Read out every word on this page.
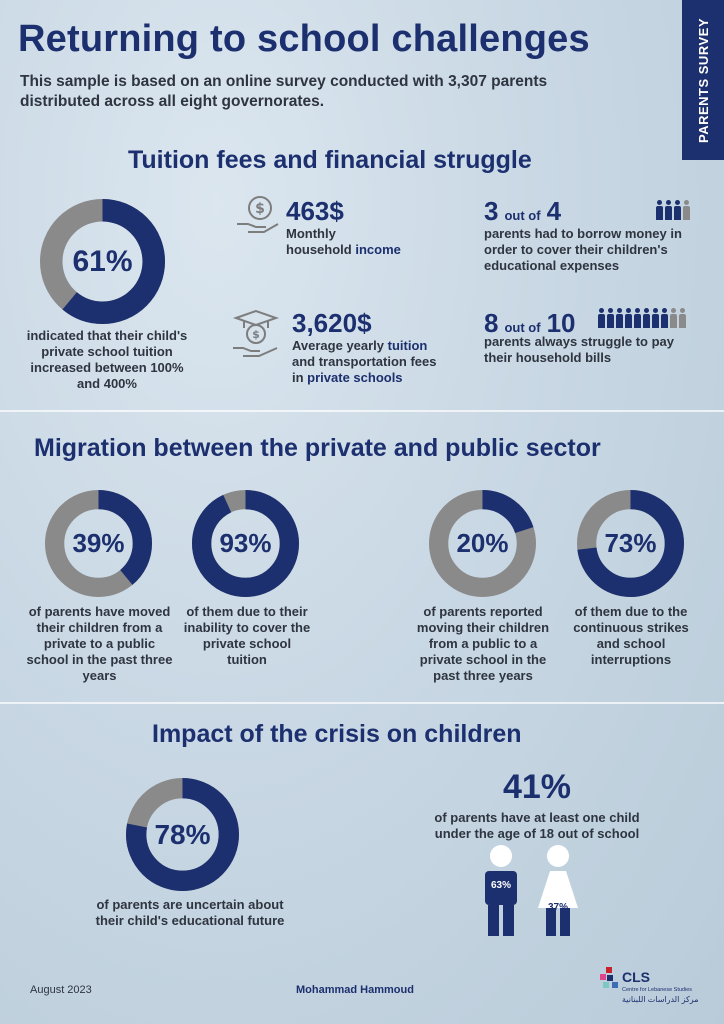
Returning to school challenges
This sample is based on an online survey conducted with 3,307 parents distributed across all eight governorates.	PARENTS SURVEY
Tuition fees and financial struggle
61%
indicated that their child's private school tuition increased between 100% and 400%
$ 463$
Monthly
household income
$ 3,620$
Average yearly tuition
and transportation fees
in private schools
3 out of 4
parents had to borrow money in order to cover their children's educational expenses
8 out of 10
parents always struggle to pay their household bills
Migration between the private and public sector
39%
of parents have moved their children from a private to a public school in the past three years
93%
of them due to their inability to cover the private school tuition
20%
of parents reported moving their children from a public to a private school in the past three years
73%
of them due to the continuous strikes and school interruptions
Impact of the crisis on children
78%
of parents are uncertain about their child's educational future
41%
of parents have at least one child under the age of 18 out of school
63%
37%
August 2023	Mohammad Hammoud
CLS
Centre for Lebanese Studies
مركز الدراسات اللبنانية
